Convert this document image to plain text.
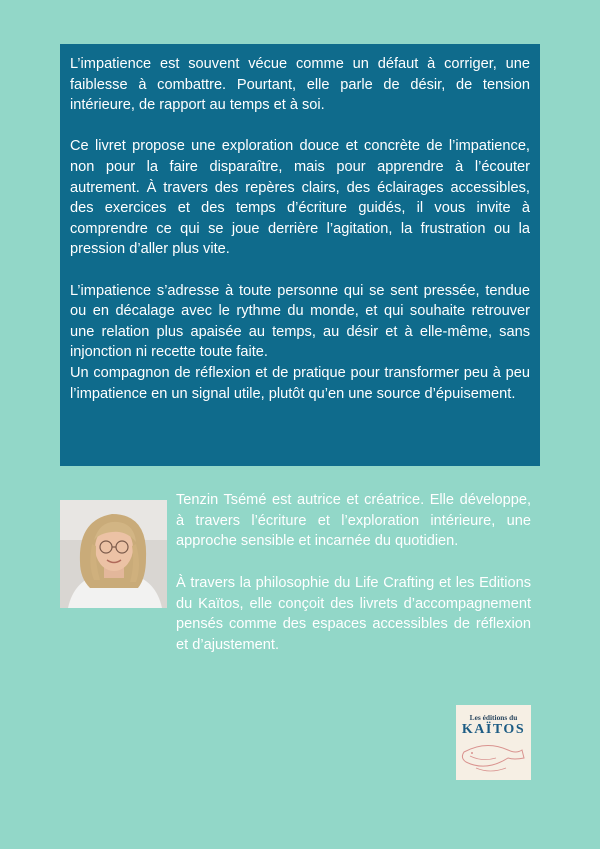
L’impatience est souvent vécue comme un défaut à corriger, une faiblesse à combattre. Pourtant, elle parle de désir, de tension intérieure, de rapport au temps et à soi.

Ce livret propose une exploration douce et concrète de l’impatience, non pour la faire disparaître, mais pour apprendre à l’écouter autrement. À travers des repères clairs, des éclairages accessibles, des exercices et des temps d’écriture guidés, il vous invite à comprendre ce qui se joue derrière l’agitation, la frustration ou la pression d’aller plus vite.

L’impatience s’adresse à toute personne qui se sent pressée, tendue ou en décalage avec le rythme du monde, et qui souhaite retrouver une relation plus apaisée au temps, au désir et à elle-même, sans injonction ni recette toute faite.

Un compagnon de réflexion et de pratique pour transformer peu à peu l’impatience en un signal utile, plutôt qu’en une source d’épuisement.

Tenzin Tsémé est autrice et créatrice. Elle développe, à travers l’écriture et l’exploration intérieure, une approche sensible et incarnée du quotidien.

À travers la philosophie du Life Crafting et les Editions du Kaïtos, elle conçoit des livrets d’accompagnement pensés comme des espaces accessibles de réflexion et d’ajustement.

Les éditions du
KAÏTOS
